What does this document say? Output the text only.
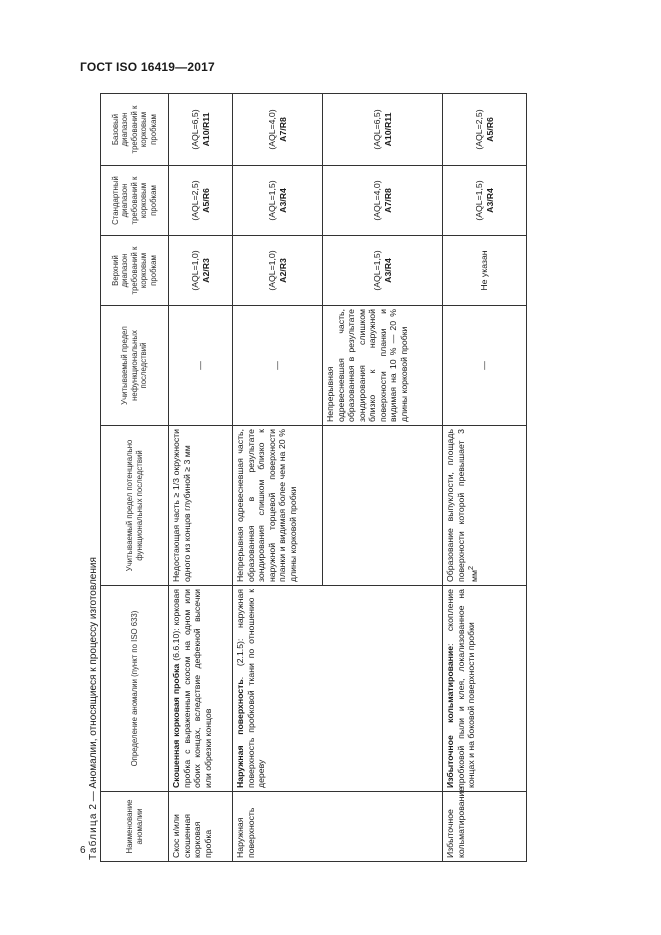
ГОСТ ISO 16419—2017
6 Таблица 2 — Аномалии, относящиеся к процессу изготовления
Наименование аномалии	Определение аномалии (пункт по ISO 633)	Учитываемый предел потенциально функциональных последствий	Учитываемый предел нефункциональных последствий	Верхний диапазон требований к корковым пробкам	Стандартный диапазон требований к корковым пробкам	Базовый диапазон требований к корковым пробкам
Скос и/или скошенная корковая пробка	Скошенная корковая пробка (6.6.10): корковая пробка с выраженным скосом на одном или обоих концах, вследствие дефекной высечки или обрезки концов	Недостающая часть ≥ 1/3 окружности одного из концов глубиной ≥ 3 мм	—	(AQL=1,0) A2/R3	(AQL=2,5) A5/R6	(AQL=6,5) A10/R11

Наружная поверхность	Наружная поверхность. (2.1.5): наружная поверхность пробковой ткани по отношению к дереву	Непрерывная одревесневшая часть, образованная в результате зондирования слишком близко к наружной торцевой поверхности планки и видимая более чем на 20 % длины корковой пробки	—	(AQL=1,0) A2/R3	(AQL=1,5) A3/R4	(AQL=4,0) A7/R8

			Непрерывная одревесневшая часть, образованная в результате зондирования слишком близко к наружной поверхности планки и видимая на 10 % — 20 % длины корковой пробки	(AQL=1,5) A3/R4	(AQL=4,0) A7/R8	(AQL=6,5) A10/R11

Избыточное кольматирование	Избыточное кольматирование: скопление пробковой пыли и клея, локализованное на концах и на боковой поверхности пробки	Образование выпуклости, площадь поверхности которой превышает 3 $мм^2$	—	Не указан	(AQL=1,5) A3/R4	(AQL=2,5) A5/R6
